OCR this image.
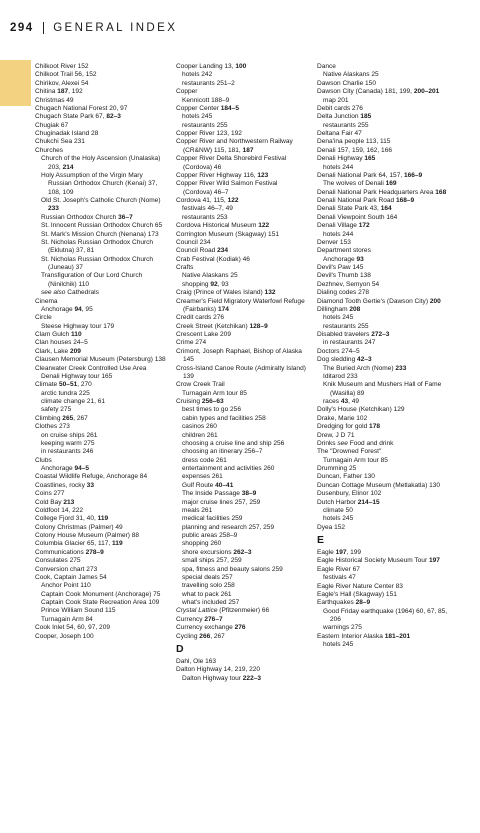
294 GENERAL INDEX
Chilkoot River 152
Chilkoot Trail 56, 152
Chirikov, Alexei 54
Chitina 187, 192
Christmas 49
Chugach National Forest 20, 97
Chugach State Park 67, 82–3
Chugiak 67
Chuginadak Island 28
Chukchi Sea 231
Churches
Church of the Holy Ascension (Unalaska) 203, 214
Holy Assumption of the Virgin Mary Russian Orthodox Church (Kenai) 37, 108, 109
Old St. Joseph's Catholic Church (Nome) 233
Russian Orthodox Church 36–7
St. Innocent Russian Orthodox Church 65
St. Mark's Mission Church (Nenana) 173
St. Nicholas Russian Orthodox Church (Eklutna) 37, 81
St. Nicholas Russian Orthodox Church (Juneau) 37
Transfiguration of Our Lord Church (Ninilchik) 110
see also Cathedrals
Cinema
Anchorage 94, 95
Circle
Steese Highway tour 179
Clam Gulch 110
Clan houses 24–5
Clark, Lake 209
Clausen Memorial Museum (Petersburg) 138
Clearwater Creek Controlled Use Area
Denali Highway tour 165
Climate 50–51, 270
arctic tundra 225
climate change 21, 61
safety 275
Climbing 265, 267
Clothes 273
on cruise ships 261
keeping warm 275
in restaurants 246
Clubs
Anchorage 94–5
Coastal Wildlife Refuge, Anchorage 84
Coastlines, rocky 33
Coins 277
Cold Bay 213
Coldfoot 14, 222
College Fjord 31, 40, 119
Colony Christmas (Palmer) 49
Colony House Museum (Palmer) 88
Columbia Glacier 65, 117, 119
Communications 278–9
Consulates 275
Conversion chart 273
Cook, Captain James 54
Anchor Point 110
Captain Cook Monument (Anchorage) 75
Captain Cook State Recreation Area 109
Prince William Sound 115
Turnagain Arm 84
Cook Inlet 54, 60, 97, 209
Cooper, Joseph 100
Cooper Landing 13, 100
hotels 242
restaurants 251–2
Copper
Kennicott 188–9
Copper Center 184–5
hotels 245
restaurants 255
Copper River 123, 192
Copper River and Northwestern Railway (CR&NW) 115, 181, 187
Copper River Delta Shorebird Festival (Cordova) 46
Copper River Highway 116, 123
Copper River Wild Salmon Festival (Cordova) 46–7
Cordova 41, 115, 122
festivals 46–7, 49
restaurants 253
Cordova Historical Museum 122
Corrington Museum (Skagway) 151
Council 234
Council Road 234
Crab Festival (Kodiak) 46
Crafts
Native Alaskans 25
shopping 92, 93
Craig (Prince of Wales Island) 132
Creamer's Field Migratory Waterfowl Refuge (Fairbanks) 174
Credit cards 276
Creek Street (Ketchikan) 128–9
Crescent Lake 209
Crime 274
Crimont, Joseph Raphael, Bishop of Alaska 145
Cross-Island Canoe Route (Admiralty Island) 139
Crow Creek Trail
Turnagain Arm tour 85
Cruising 256–63
best times to go 256
cabin types and facilities 258
casinos 260
children 261
choosing a cruise line and ship 256
choosing an itinerary 256–7
dress code 261
entertainment and activities 260
expenses 261
Gulf Route 40–41
The Inside Passage 38–9
major cruise lines 257, 259
meals 261
medical facilities 259
planning and research 257, 259
public areas 258–9
shopping 260
shore excursions 262–3
small ships 257, 259
spa, fitness and beauty salons 259
special deals 257
travelling solo 258
what to pack 261
what's included 257
Crystal Lattice (Pfitzenmeier) 66
Currency 276–7
Currency exchange 276
Cycling 266, 267
D
Dahl, Ole 163
Dalton Highway 14, 219, 220
Dalton Highway tour 222–3
Dance
Native Alaskans 25
Dawson Charlie 150
Dawson City (Canada) 181, 199, 200–201
map 201
Debit cards 276
Delta Junction 185
restaurants 255
Deltana Fair 47
Dena'ina people 113, 115
Denali 157, 159, 162, 166
Denali Highway 165
hotels 244
Denali National Park 64, 157, 166–9
The wolves of Denali 169
Denali National Park Headquarters Area 168
Denali National Park Road 168–9
Denali State Park 43, 164
Denali Viewpoint South 164
Denali Village 172
hotels 244
Denver 153
Department stores
Anchorage 93
Devil's Paw 145
Devil's Thumb 138
Dezhnev, Semyon 54
Dialing codes 278
Diamond Tooth Gertie's (Dawson City) 200
Dillingham 208
hotels 245
restaurants 255
Disabled travelers 272–3
in restaurants 247
Doctors 274–5
Dog sledding 42–3
The Buried Arch (Nome) 233
Iditarod 233
Knik Museum and Mushers Hall of Fame (Wasilla) 89
races 43, 49
Dolly's House (Ketchikan) 129
Drake, Marie 102
Dredging for gold 178
Drew, J D 71
Drinks see Food and drink
The "Drowned Forest"
Turnagain Arm tour 85
Drumming 25
Duncan, Father 130
Duncan Cottage Museum (Metlakatla) 130
Dusenbury, Elinor 102
Dutch Harbor 214–15
climate 50
hotels 245
Dyea 152
E
Eagle 197, 199
Eagle Historical Society Museum Tour 197
Eagle River 67
festivals 47
Eagle River Nature Center 83
Eagle's Hall (Skagway) 151
Earthquakes 28–9
Good Friday earthquake (1964) 60, 67, 85, 206
warnings 275
Eastern Interior Alaska 181–201
hotels 245
